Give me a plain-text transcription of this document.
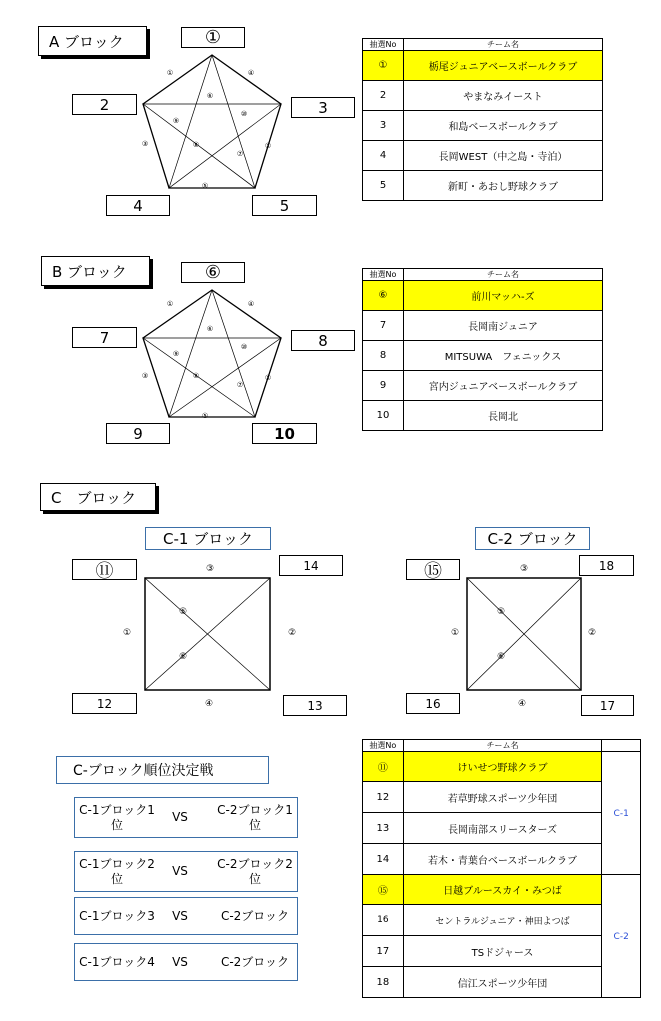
A ブロック	①
2	3
4	5
①	④
⑥
⑨
⑩
③	⑧
⑦
②
⑤
抽選No	チーム名
①	栃尾ジュニアベースボールクラブ
2	やまなみイースト
3	和島ベースボールクラブ
4	長岡WEST（中之島・寺泊）
5	新町・あおし野球クラブ
B ブロック	⑥
7	8
9	10
①	④
⑥
⑨
⑩
③	⑧
⑦
②
⑤
抽選No	チーム名
⑥	前川マッハ-ズ
7	長岡南ジュニア
8	MITSUWA　フェニックス
9	宮内ジュニアベースボールクラブ
10	長岡北
C　ブロック
C-1 ブロック	C-2 ブロック
⑪	14
12	13
⑮	18
16	17
③
①	②
⑤
⑥
④
③
①	②
⑤
⑥
④
C-ブロック順位決定戦
C-1ブロック1位
VS
C-2ブロック1位
C-1ブロック2位
VS
C-2ブロック2位
C-1ブロック3	VS	C-2ブロック
C-1ブロック4	VS	C-2ブロック
抽選No	チーム名	
⑪	けいせつ野球クラブ	C-1
12	若草野球スポーツ少年団	
13	長岡南部スリースターズ	
14	若木・青葉台ベースボールクラブ	
⑮	日越ブルースカイ・みつば	C-2
16	セントラルジュニア・神田よつば	
17	TSドジャース	
18	信江スポーツ少年団	
